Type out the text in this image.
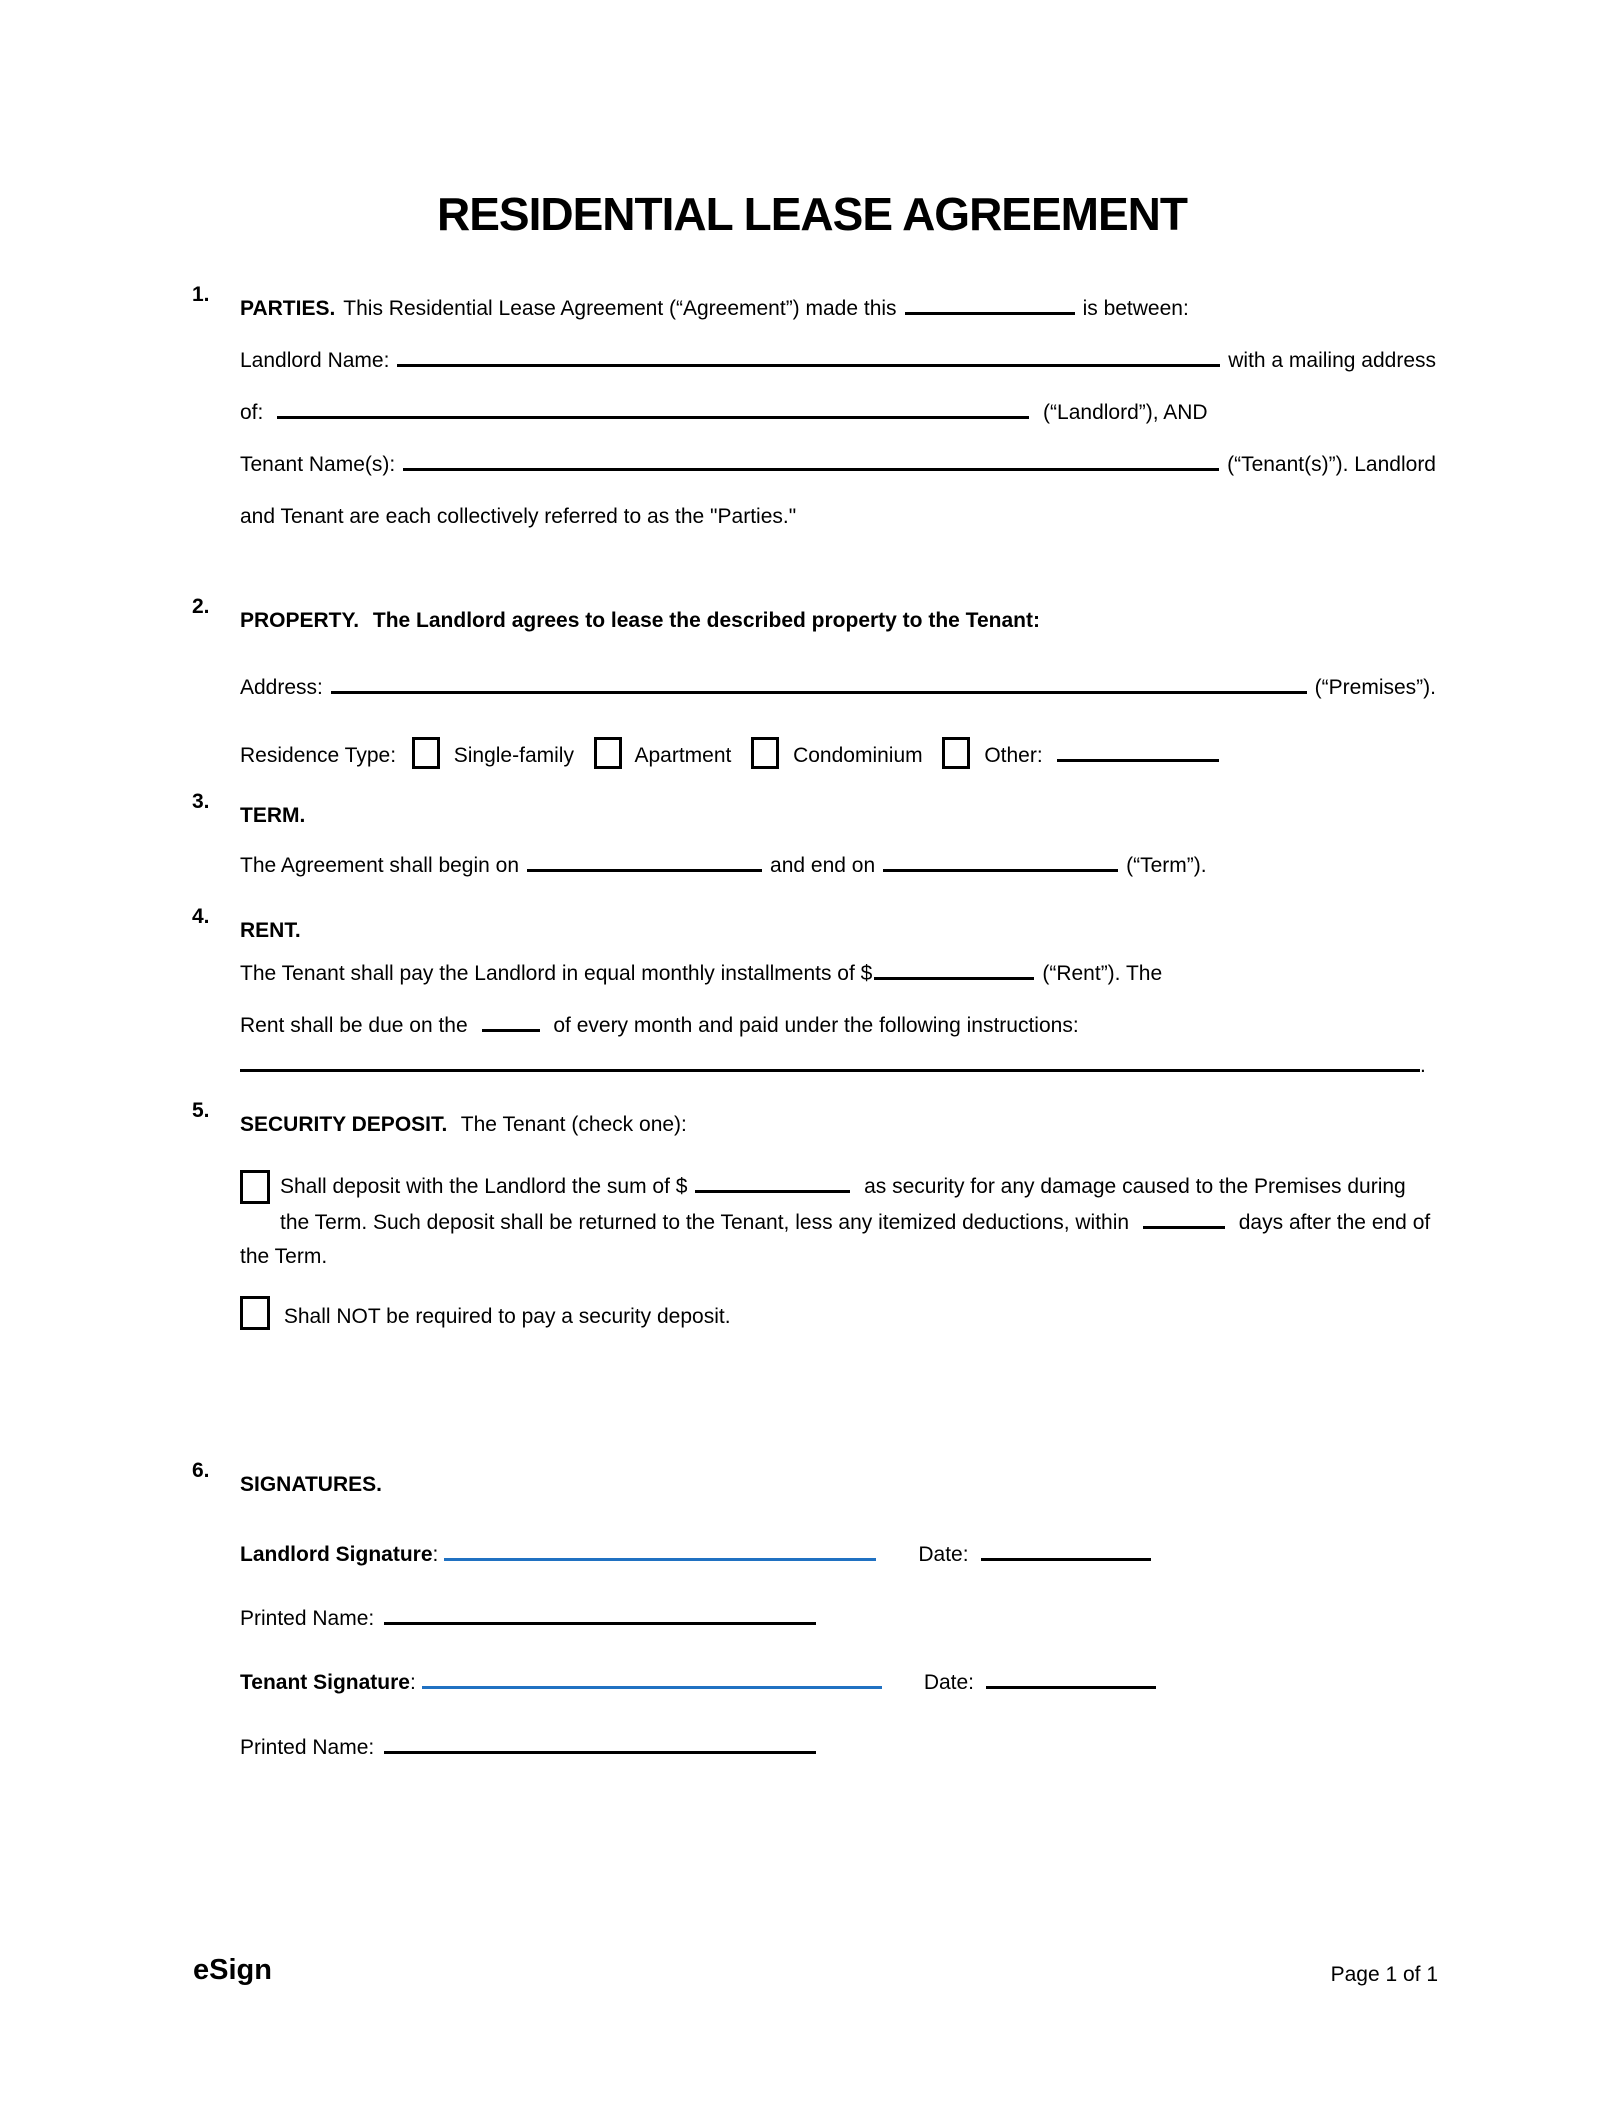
RESIDENTIAL LEASE AGREEMENT
1.
PARTIES. This Residential Lease Agreement (“Agreement”) made this	is between:
Landlord Name:	with a mailing address
of:	(“Landlord”), AND
Tenant Name(s):	(“Tenant(s)”). Landlord
and Tenant are each collectively referred to as the "Parties."
2.
PROPERTY. The Landlord agrees to lease the described property to the Tenant:
Address:	(“Premises”).
Residence Type:	Single-family	Apartment	Condominium	Other:
3.
TERM.
The Agreement shall begin on	and end on	(“Term”).
4.
RENT.
The Tenant shall pay the Landlord in equal monthly installments of $	(“Rent”). The
Rent shall be due on the	of every month and paid under the following instructions:
.
5.
SECURITY DEPOSIT. The Tenant (check one):
Shall deposit with the Landlord the sum of $	as security for any damage caused to the Premises during the Term. Such deposit shall be returned to the Tenant, less any itemized deductions, within	days after the end of the Term.
Shall NOT be required to pay a security deposit.
6.
SIGNATURES.
Landlord Signature :	Date:
Printed Name:
Tenant Signature :	Date:
Printed Name:
eSign	Page 1 of 1
